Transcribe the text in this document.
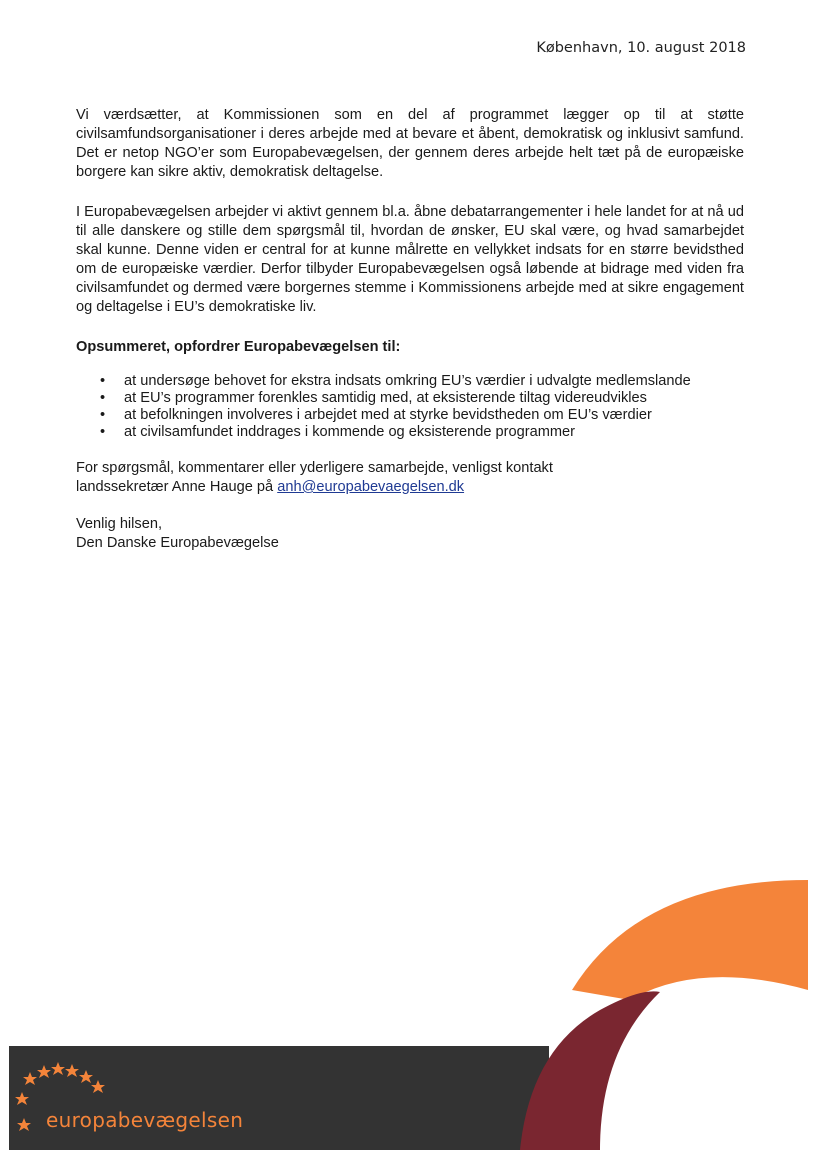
København, 10. august 2018

Vi værdsætter, at Kommissionen som en del af programmet lægger op til at støtte civilsamfundsorganisationer i deres arbejde med at bevare et åbent, demokratisk og inklusivt samfund. Det er netop NGO’er som Europabevægelsen, der gennem deres arbejde helt tæt på de europæiske borgere kan sikre aktiv, demokratisk deltagelse.

I Europabevægelsen arbejder vi aktivt gennem bl.a. åbne debatarrangementer i hele landet for at nå ud til alle danskere og stille dem spørgsmål til, hvordan de ønsker, EU skal være, og hvad samarbejdet skal kunne. Denne viden er central for at kunne målrette en vellykket indsats for en større bevidsthed om de europæiske værdier. Derfor tilbyder Europabevægelsen også løbende at bidrage med viden fra civilsamfundet og dermed være borgernes stemme i Kommissionens arbejde med at sikre engagement og deltagelse i EU’s demokratiske liv.

Opsummeret, opfordrer Europabevægelsen til:

• at undersøge behovet for ekstra indsats omkring EU’s værdier i udvalgte medlemslande
• at EU’s programmer forenkles samtidig med, at eksisterende tiltag videreudvikles
• at befolkningen involveres i arbejdet med at styrke bevidstheden om EU’s værdier
• at civilsamfundet inddrages i kommende og eksisterende programmer

For spørgsmål, kommentarer eller yderligere samarbejde, venligst kontakt
landssekretær Anne Hauge på anh@europabevaegelsen.dk

Venlig hilsen,
Den Danske Europabevægelse

europabevægelsen
